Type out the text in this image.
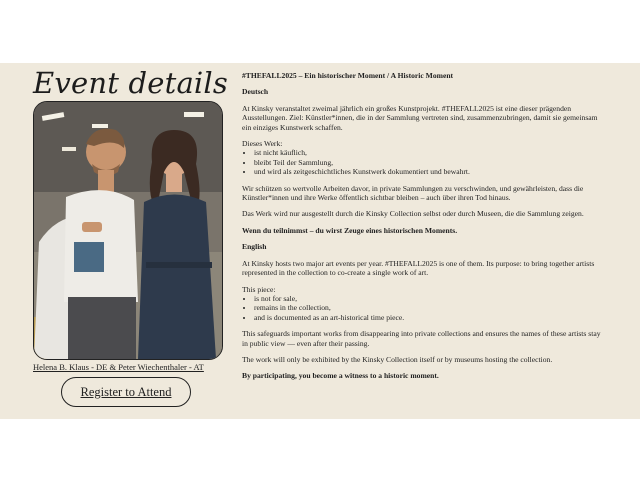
Event details
Helena B. Klaus - DE & Peter Wiechenthaler - AT
Register to Attend

#THEFALL2025 – Ein historischer Moment / A Historic Moment

Deutsch

At Kinsky veranstaltet zweimal jährlich ein großes Kunstprojekt. #THEFALL2025 ist eine dieser prägenden Ausstellungen. Ziel: Künstler*innen, die in der Sammlung vertreten sind, zusammenzubringen, damit sie gemeinsam ein einziges Kunstwerk schaffen.

Dieses Werk:

• ist nicht käuflich,
• bleibt Teil der Sammlung,
• und wird als zeitgeschichtliches Kunstwerk dokumentiert und bewahrt.

Wir schützen so wertvolle Arbeiten davor, in private Sammlungen zu verschwinden, und gewährleisten, dass die Künstler*innen und ihre Werke öffentlich sichtbar bleiben – auch über ihren Tod hinaus.

Das Werk wird nur ausgestellt durch die Kinsky Collection selbst oder durch Museen, die die Sammlung zeigen.

Wenn du teilnimmst – du wirst Zeuge eines historischen Moments.

English

At Kinsky hosts two major art events per year. #THEFALL2025 is one of them. Its purpose: to bring together artists represented in the collection to co-create a single work of art.

This piece:

• is not for sale,
• remains in the collection,
• and is documented as an art-historical time piece.

This safeguards important works from disappearing into private collections and ensures the names of these artists stay in public view — even after their passing.

The work will only be exhibited by the Kinsky Collection itself or by museums hosting the collection.

By participating, you become a witness to a historic moment.
